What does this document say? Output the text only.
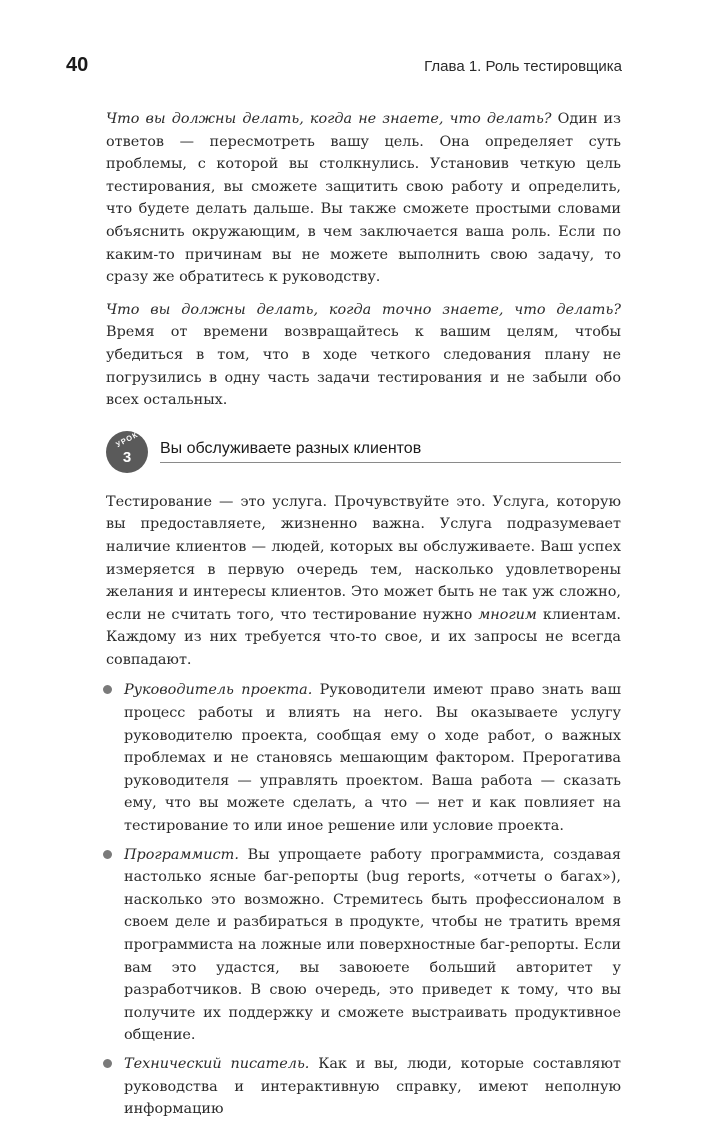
40	Глава 1. Роль тестировщика

Что вы должны делать, когда не знаете, что делать? Один из ответов — пересмотреть вашу цель. Она определяет суть проблемы, с которой вы столкнулись. Установив четкую цель тестирования, вы сможете защитить свою работу и определить, что будете делать дальше. Вы также сможете простыми словами объяснить окружающим, в чем заключается ваша роль. Если по каким-то причинам вы не можете выполнить свою задачу, то сразу же обратитесь к руководству.

Что вы должны делать, когда точно знаете, что делать? Время от времени возвращайтесь к вашим целям, чтобы убедиться в том, что в ходе четкого следования плану не погрузились в одну часть задачи тестирования и не забыли обо всех остальных.

УРОК
3	Вы обслуживаете разных клиентов

Тестирование — это услуга. Прочувствуйте это. Услуга, которую вы предоставляете, жизненно важна. Услуга подразумевает наличие клиентов — людей, которых вы обслуживаете. Ваш успех измеряется в первую очередь тем, насколько удовлетворены желания и интересы клиентов. Это может быть не так уж сложно, если не считать того, что тестирование нужно многим клиентам. Каждому из них требуется что-то свое, и их запросы не всегда совпадают.

Руководитель проекта. Руководители имеют право знать ваш процесс работы и влиять на него. Вы оказываете услугу руководителю проекта, сообщая ему о ходе работ, о важных проблемах и не становясь мешающим фактором. Прерогатива руководителя — управлять проектом. Ваша работа — сказать ему, что вы можете сделать, а что — нет и как повлияет на тестирование то или иное решение или условие проекта.

Программист. Вы упрощаете работу программиста, создавая настолько ясные баг-репорты (bug reports, «отчеты о багах»), насколько это возможно. Стремитесь быть профессионалом в своем деле и разбираться в продукте, чтобы не тратить время программиста на ложные или поверхностные баг-репорты. Если вам это удастся, вы завоюете больший авторитет у разработчиков. В свою очередь, это приведет к тому, что вы получите их поддержку и сможете выстраивать продуктивное общение.

Технический писатель. Как и вы, люди, которые составляют руководства и интерактивную справку, имеют неполную информацию
